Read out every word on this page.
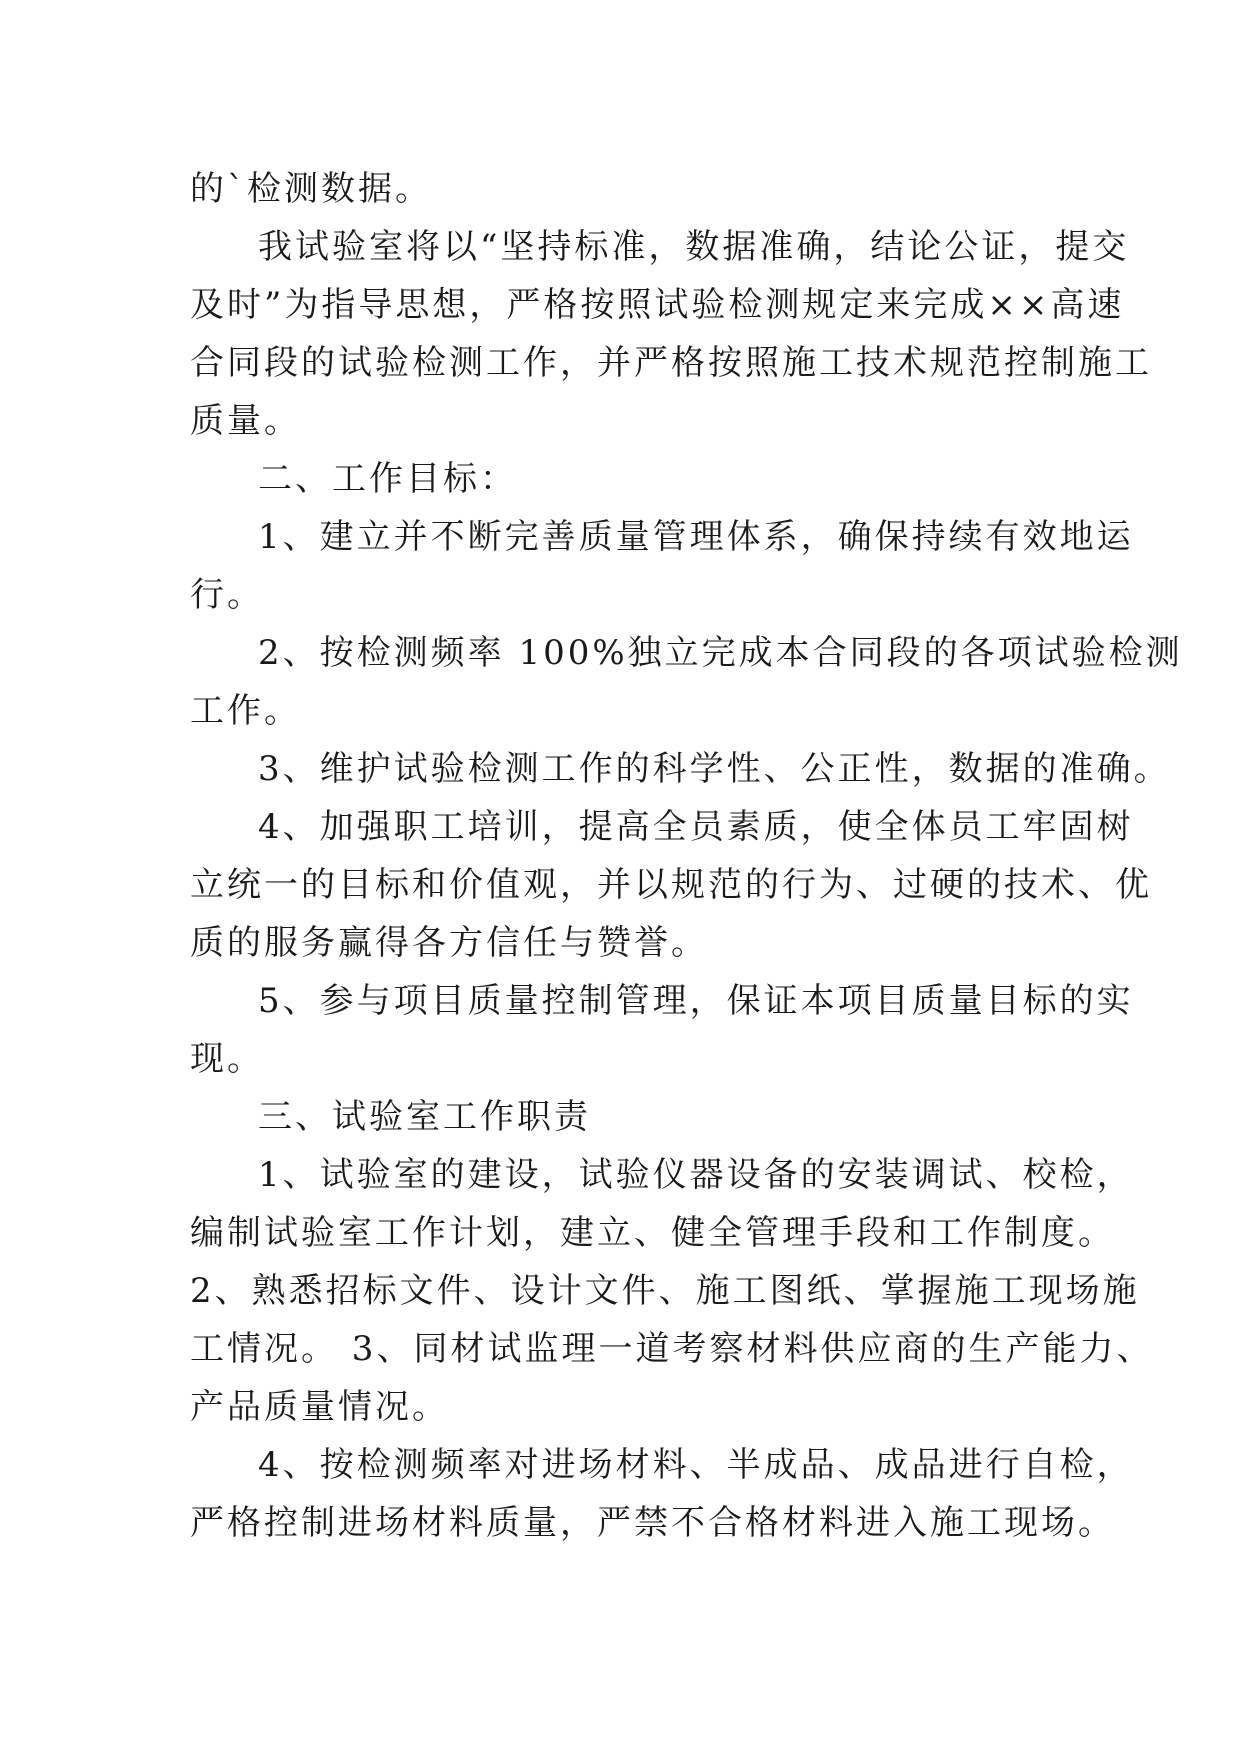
的`检测数据。
我试验室将以“坚持标准，数据准确，结论公证，提交
及时”为指导思想，严格按照试验检测规定来完成××高速
合同段的试验检测工作，并严格按照施工技术规范控制施工
质量。
二、工作目标：
1、建立并不断完善质量管理体系，确保持续有效地运
行。
2、按检测频率 100%独立完成本合同段的各项试验检测
工作。
3、维护试验检测工作的科学性、公正性，数据的准确。
4、加强职工培训，提高全员素质，使全体员工牢固树
立统一的目标和价值观，并以规范的行为、过硬的技术、优
质的服务赢得各方信任与赞誉。
5、参与项目质量控制管理，保证本项目质量目标的实
现。
三、试验室工作职责
1、试验室的建设，试验仪器设备的安装调试、校检，
编制试验室工作计划，建立、健全管理手段和工作制度。
2、熟悉招标文件、设计文件、施工图纸、掌握施工现场施
工情况。 3、同材试监理一道考察材料供应商的生产能力、
产品质量情况。
4、按检测频率对进场材料、半成品、成品进行自检，
严格控制进场材料质量，严禁不合格材料进入施工现场。
